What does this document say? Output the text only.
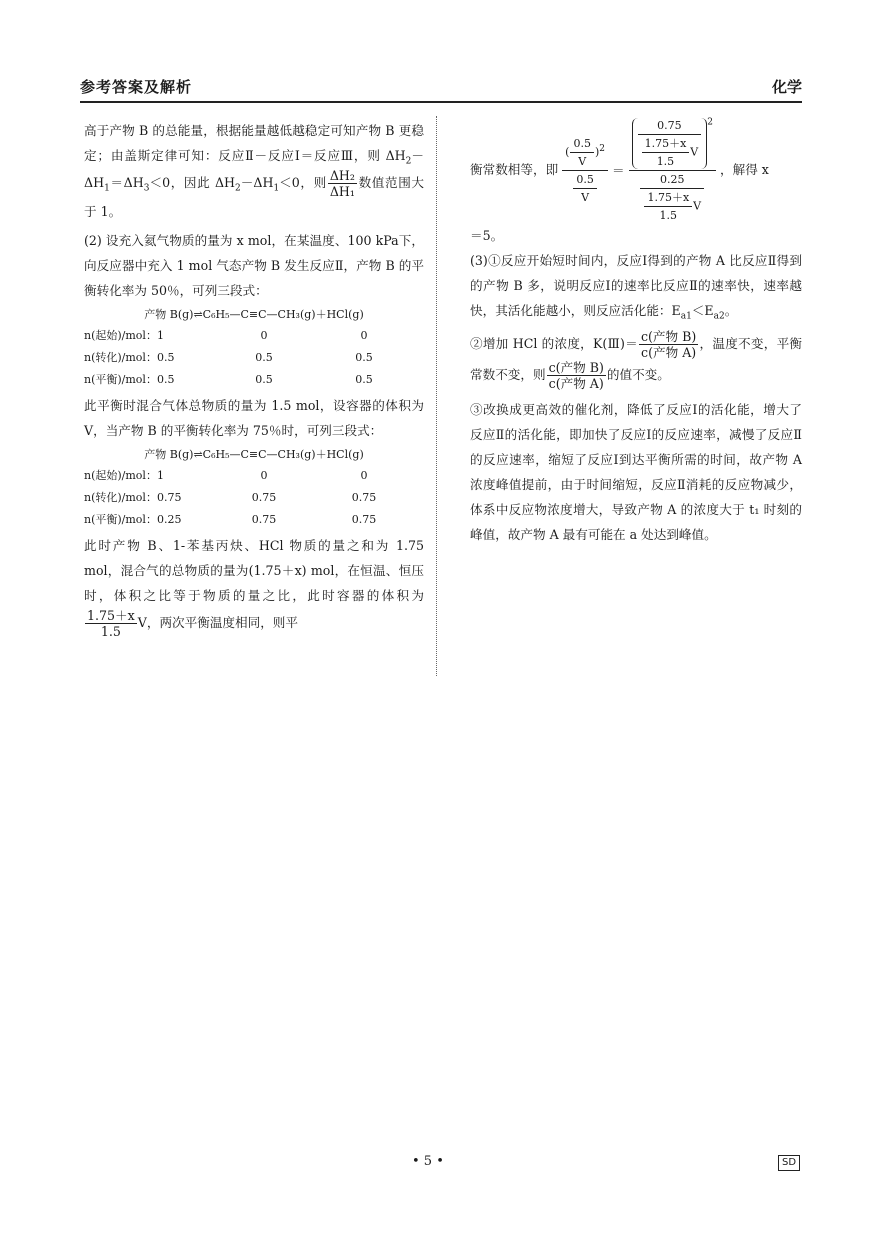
参考答案及解析	化学

高于产物 B 的总能量，根据能量越低越稳定可知产物 B 更稳定；由盖斯定律可知：反应Ⅱ－反应Ⅰ＝反应Ⅲ，则 $\Delta H_2-\Delta H_1=\Delta H_3<0$，因此 $\Delta H_2-\Delta H_1<0$，则 $\frac{\text{ΔH₂}}{\text{ΔH₁}}$ 数值范围大于 1。

(2) 设充入氦气物质的量为 x mol，在某温度、100 kPa下，向反应器中充入 1 mol 气态产物 B 发生反应Ⅱ，产物 B 的平衡转化率为 50％，可列三段式：

产物 B(g)⇌C₆H₅—C≡C—CH₃(g)＋HCl(g)
n(起始)/mol：1	0	0
n(转化)/mol：0.5	0.5	0.5
n(平衡)/mol：0.5	0.5	0.5

此平衡时混合气体总物质的量为 1.5 mol，设容器的体积为 V，当产物 B 的平衡转化率为 75％时，可列三段式：

产物 B(g)⇌C₆H₅—C≡C—CH₃(g)＋HCl(g)
n(起始)/mol：1	0	0
n(转化)/mol：0.75	0.75	0.75
n(平衡)/mol：0.25	0.75	0.75

此时产物 B、1-苯基丙炔、HCl 物质的量之和为 1.75 mol，混合气的总物质的量为(1.75＋x) mol，在恒温、恒压时，体积之比等于物质的量之比，此时容器的体积为
$\frac{1.75+x}{1.5}$ V，两次平衡温度相同，则平

衡常数相等，即 $\frac{( \frac{0.5}{V} )^2}{\frac{0.5}{V}} = \frac{\frac{0.75}{\frac{1.75+x}{1.5} V} ^2}{\frac{0.25}{\frac{1.75+x}{1.5} V}}$ ，解得 x

＝5。

(3)①反应开始短时间内，反应Ⅰ得到的产物 A 比反应Ⅱ得到的产物 B 多，说明反应Ⅰ的速率比反应Ⅱ的速率快，速率越快，其活化能越小，则反应活化能：$E_{a1}<E_{a2}$。

②增加 HCl 的浓度，K(Ⅲ)＝ $\frac{\text{c(产物 B)}}{\text{c(产物 A)}}$ ，温度不变，平衡常数不变，则 $\frac{\text{c(产物 B)}}{\text{c(产物 A)}}$ 的值不变。

③改换成更高效的催化剂，降低了反应Ⅰ的活化能，增大了反应Ⅱ的活化能，即加快了反应Ⅰ的反应速率，减慢了反应Ⅱ的反应速率，缩短了反应Ⅰ到达平衡所需的时间，故产物 A 浓度峰值提前，由于时间缩短，反应Ⅱ消耗的反应物减少，体系中反应物浓度增大，导致产物 A 的浓度大于 t₁ 时刻的峰值，故产物 A 最有可能在 a 处达到峰值。

• 5 •	SD
